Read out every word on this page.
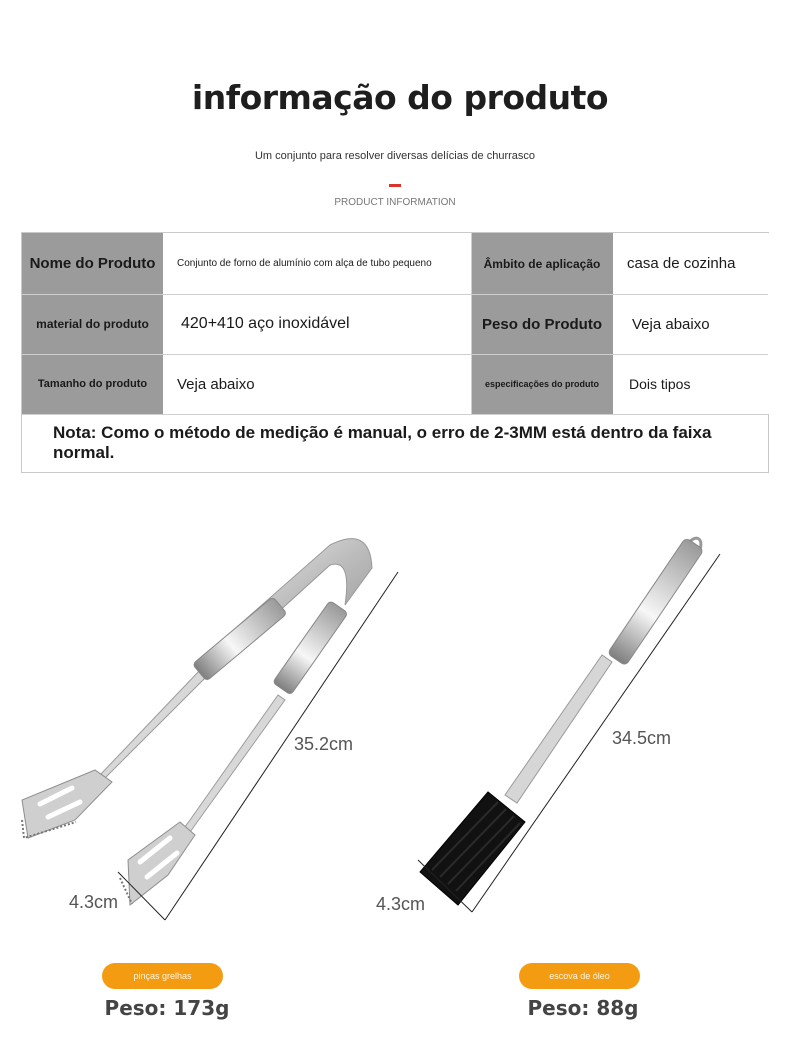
informação do produto
Um conjunto para resolver diversas delícias de churrasco
PRODUCT INFORMATION
Nome do Produto	Conjunto de forno de alumínio com alça de tubo pequeno	Âmbito de aplicação	casa de cozinha
material do produto	420+410 aço inoxidável	Peso do Produto	Veja abaixo
Tamanho do produto	Veja abaixo	especificações do produto	Dois tipos
Nota: Como o método de medição é manual, o erro de 2-3MM está dentro da faixa normal.
35.2cm
4.3cm
34.5cm
4.3cm
pinças grelhas
Peso: 173g
escova de óleo
Peso: 88g
